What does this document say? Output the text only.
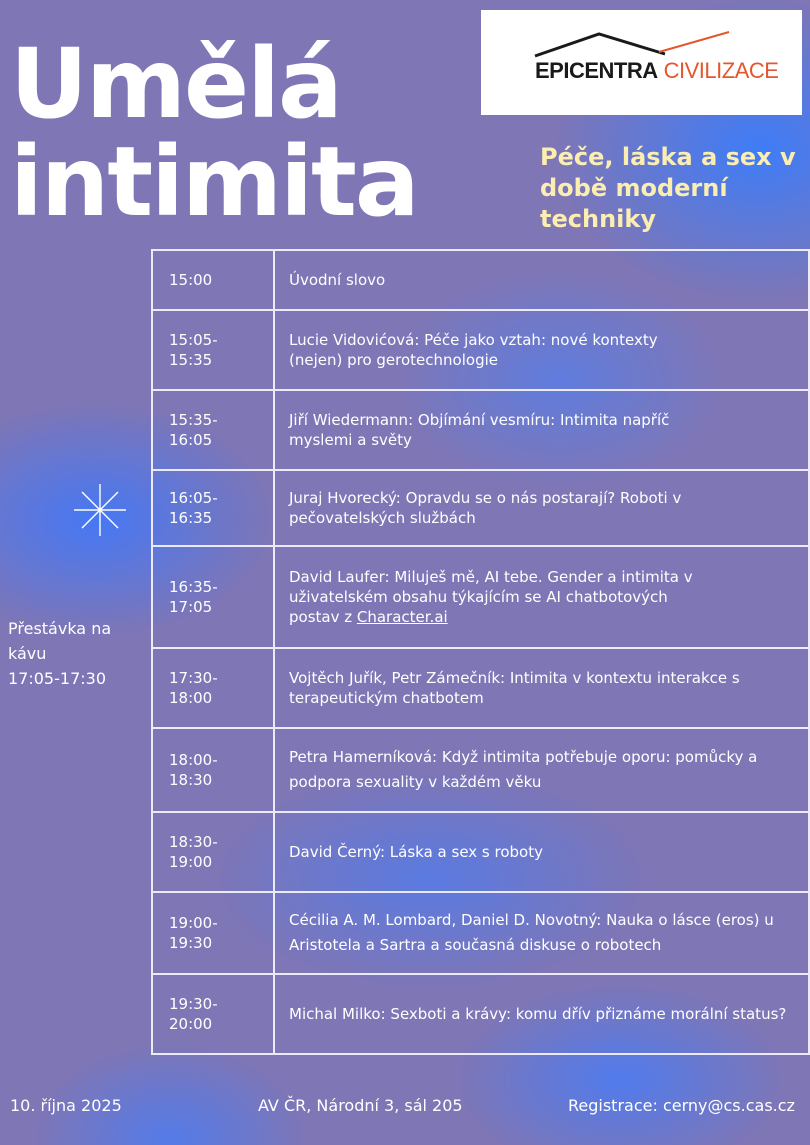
Umělá
intimita
EPICENTRA CIVILIZACE

Péče, láska a sex v době moderní techniky

Přestávka na
kávu
17:05-17:30
15:00	Úvodní slovo

15:05-
15:35	Lucie Vidovićová: Péče jako vztah: nové kontexty (nejen) pro gerotechnologie

15:35-
16:05	Jiří Wiedermann: Objímání vesmíru: Intimita napříč myslemi a světy

16:05-
16:35	Juraj Hvorecký: Opravdu se o nás postarají? Roboti v pečovatelských službách

16:35-
17:05	David Laufer: Miluješ mě, AI tebe. Gender a intimita v uživatelském obsahu týkajícím se AI chatbotových postav z Character.ai

17:30-
18:00	Vojtěch Juřík, Petr Zámečník: Intimita v kontextu interakce s terapeutickým chatbotem

18:00-
18:30	Petra Hamerníková: Když intimita potřebuje oporu: pomůcky a podpora sexuality v každém věku

18:30-
19:00	David Černý: Láska a sex s roboty

19:00-
19:30	Cécilia A. M. Lombard, Daniel D. Novotný: Nauka o lásce (eros) u Aristotela a Sartra a současná diskuse o robotech

19:30-
20:00	Michal Milko: Sexboti a krávy: komu dřív přiznáme morální status?
10. října 2025	AV ČR, Národní 3, sál 205	Registrace: cerny@cs.cas.cz
